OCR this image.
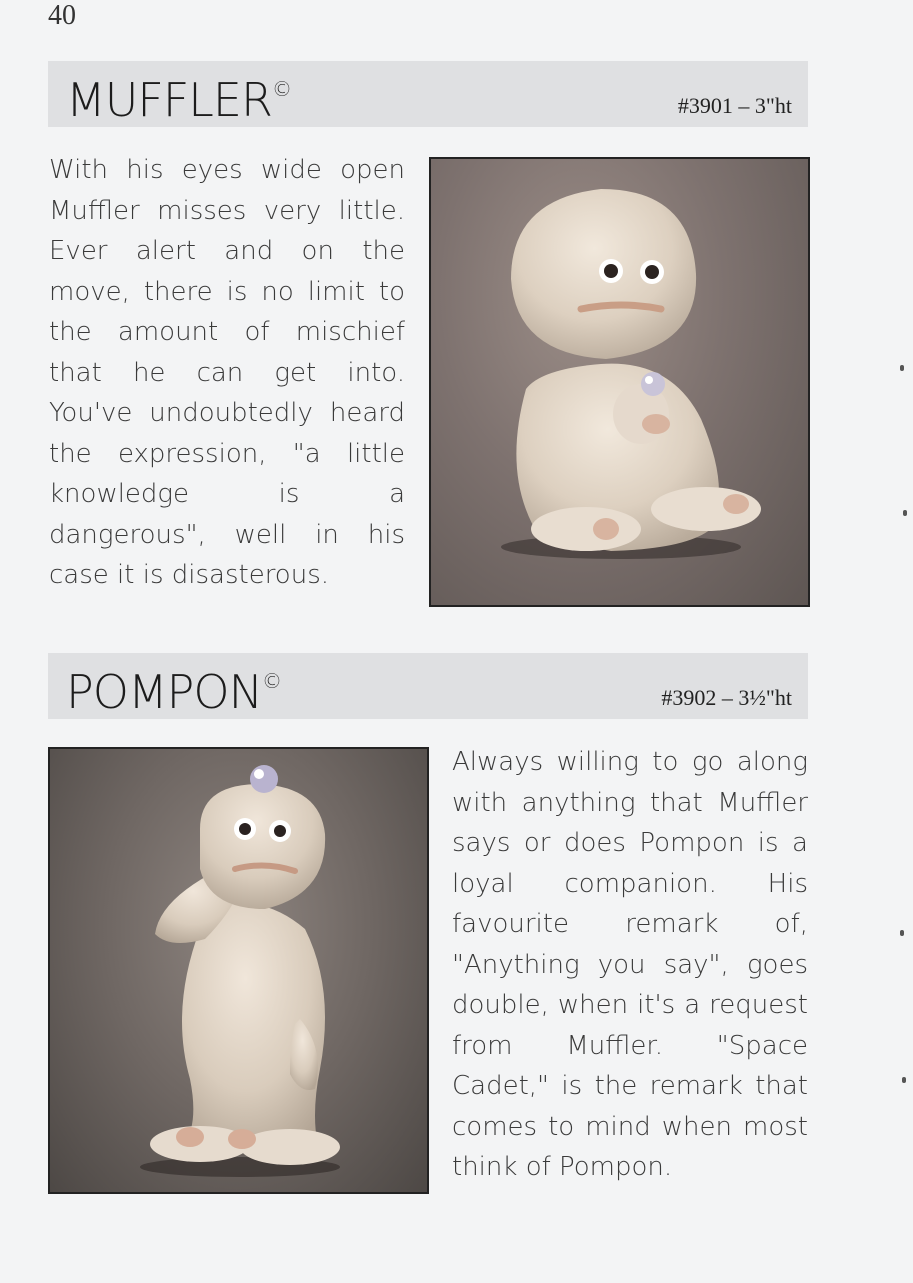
40
MUFFLER©
#3901 – 3"ht
With his eyes wide open Muffler misses very little. Ever alert and on the move, there is no limit to the amount of mischief that he can get into. You've undoubtedly heard the expression, "a little knowledge is a dangerous", well in his case it is disasterous.
POMPON©
#3902 – 3½"ht
Always willing to go along with anything that Muffler says or does Pompon is a loyal companion. His favourite remark of, "Anything you say", goes double, when it's a request from Muffler. "Space Cadet," is the remark that comes to mind when most think of Pompon.
